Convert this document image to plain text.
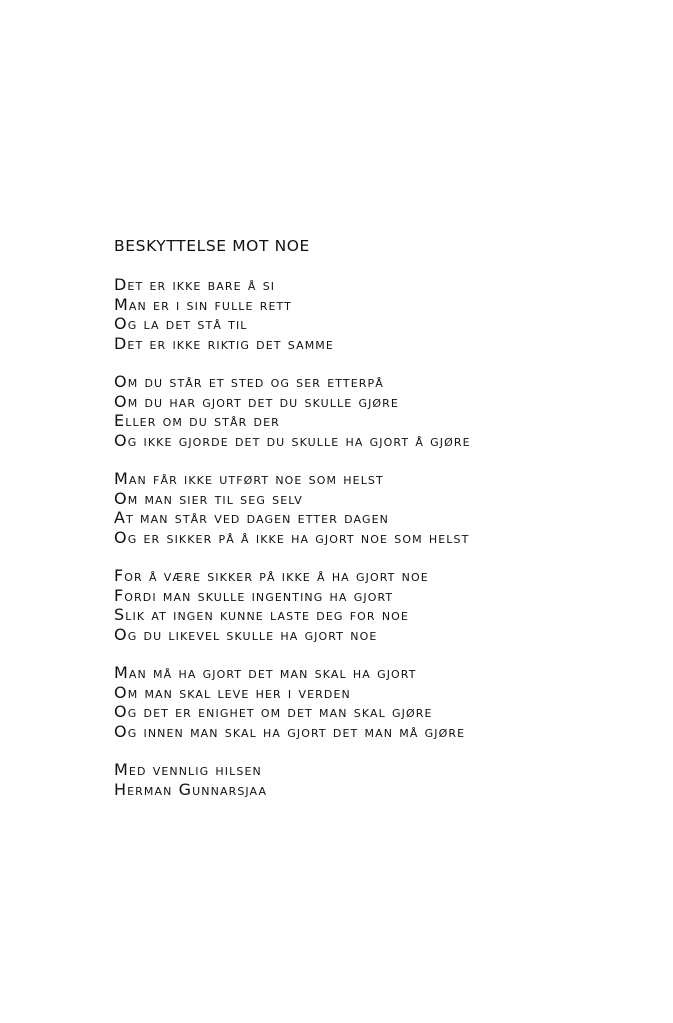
BESKYTTELSE MOT NOE
Det er ikke bare å si
Man er i sin fulle rett
Og la det stå til
Det er ikke riktig det samme
Om du står et sted og ser etterpå
Om du har gjort det du skulle gjøre
Eller om du står der
Og ikke gjorde det du skulle ha gjort å gjøre
Man får ikke utført noe som helst
Om man sier til seg selv
At man står ved dagen etter dagen
Og er sikker på å ikke ha gjort noe som helst
For å være sikker på ikke å ha gjort noe
Fordi man skulle ingenting ha gjort
Slik at ingen kunne laste deg for noe
Og du likevel skulle ha gjort noe
Man må ha gjort det man skal ha gjort
Om man skal leve her i verden
Og det er enighet om det man skal gjøre
Og innen man skal ha gjort det man må gjøre
Med vennlig hilsen
Herman Gunnarsjaa
